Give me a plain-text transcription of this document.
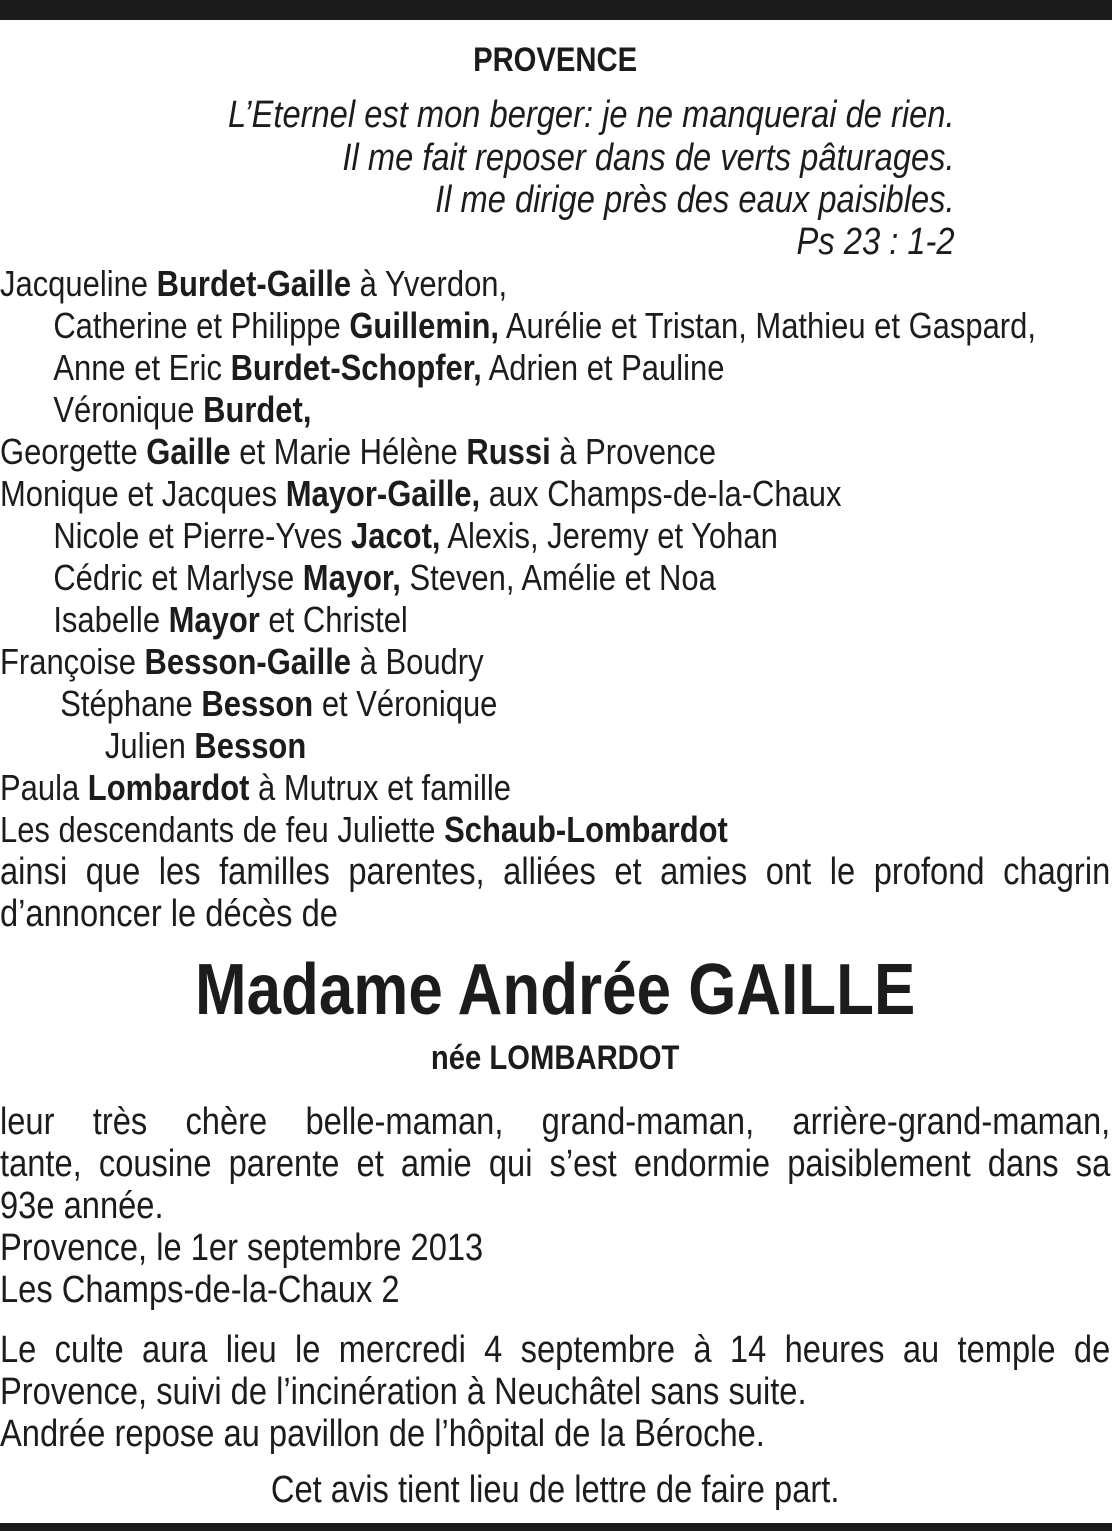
PROVENCE
L’Eternel est mon berger: je ne manquerai de rien.
Il me fait reposer dans de verts pâturages.
Il me dirige près des eaux paisibles.
Ps 23 : 1-2
Jacqueline Burdet-Gaille à Yverdon,
Catherine et Philippe Guillemin, Aurélie et Tristan, Mathieu et Gaspard,
Anne et Eric Burdet-Schopfer, Adrien et Pauline
Véronique Burdet,
Georgette Gaille et Marie Hélène Russi à Provence
Monique et Jacques Mayor-Gaille, aux Champs-de-la-Chaux
Nicole et Pierre-Yves Jacot, Alexis, Jeremy et Yohan
Cédric et Marlyse Mayor, Steven, Amélie et Noa
Isabelle Mayor et Christel
Françoise Besson-Gaille à Boudry
Stéphane Besson et Véronique
Julien Besson
Paula Lombardot à Mutrux et famille
Les descendants de feu Juliette Schaub-Lombardot
ainsi que les familles parentes, alliées et amies ont le profond chagrin
d’annoncer le décès de
Madame Andrée GAILLE
née LOMBARDOT
leur très chère belle-maman, grand-maman, arrière-grand-maman,
tante, cousine parente et amie qui s’est endormie paisiblement dans sa
93e année.
Provence, le 1er septembre 2013
Les Champs-de-la-Chaux 2
Le culte aura lieu le mercredi 4 septembre à 14 heures au temple de
Provence, suivi de l’incinération à Neuchâtel sans suite.
Andrée repose au pavillon de l’hôpital de la Béroche.
Cet avis tient lieu de lettre de faire part.
